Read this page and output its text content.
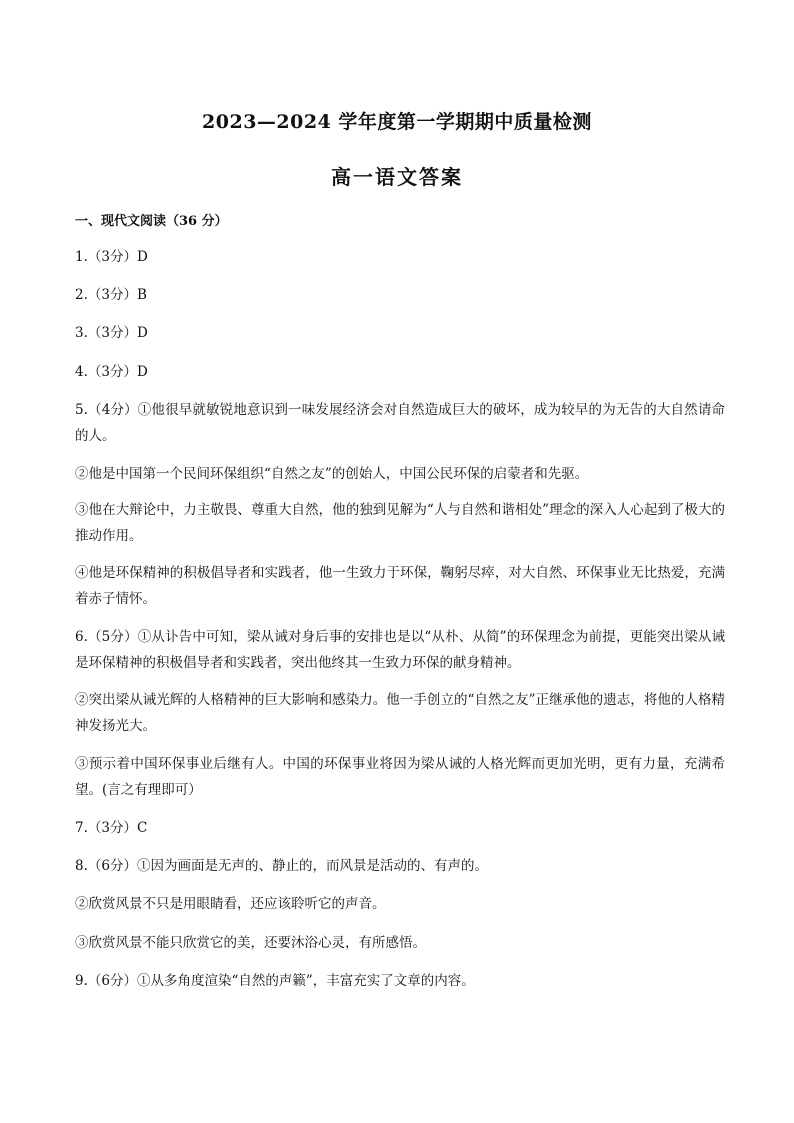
2023—2024 学年度第一学期期中质量检测
高一语文答案
一、现代文阅读（36 分）
1.（3分）D
2.（3分）B
3.（3分）D
4.（3分）D
5.（4分）①他很早就敏锐地意识到一味发展经济会对自然造成巨大的破坏，成为较早的为无告的大自然请命的人。
②他是中国第一个民间环保组织“自然之友”的创始人，中国公民环保的启蒙者和先驱。
③他在大辩论中，力主敬畏、尊重大自然，他的独到见解为“人与自然和谐相处”理念的深入人心起到了极大的推动作用。
④他是环保精神的积极倡导者和实践者，他一生致力于环保，鞠躬尽瘁，对大自然、环保事业无比热爱，充满着赤子情怀。
6.（5分）①从讣告中可知，梁从诫对身后事的安排也是以“从朴、从简”的环保理念为前提，更能突出梁从诫是环保精神的积极倡导者和实践者，突出他终其一生致力环保的献身精神。
②突出梁从诫光辉的人格精神的巨大影响和感染力。他一手创立的“自然之友”正继承他的遗志，将他的人格精神发扬光大。
③预示着中国环保事业后继有人。中国的环保事业将因为梁从诫的人格光辉而更加光明，更有力量，充满希望。(言之有理即可）
7.（3分）C
8.（6分）①因为画面是无声的、静止的，而风景是活动的、有声的。
②欣赏风景不只是用眼睛看，还应该聆听它的声音。
③欣赏风景不能只欣赏它的美，还要沐浴心灵，有所感悟。
9.（6分）①从多角度渲染“自然的声籁”，丰富充实了文章的内容。
